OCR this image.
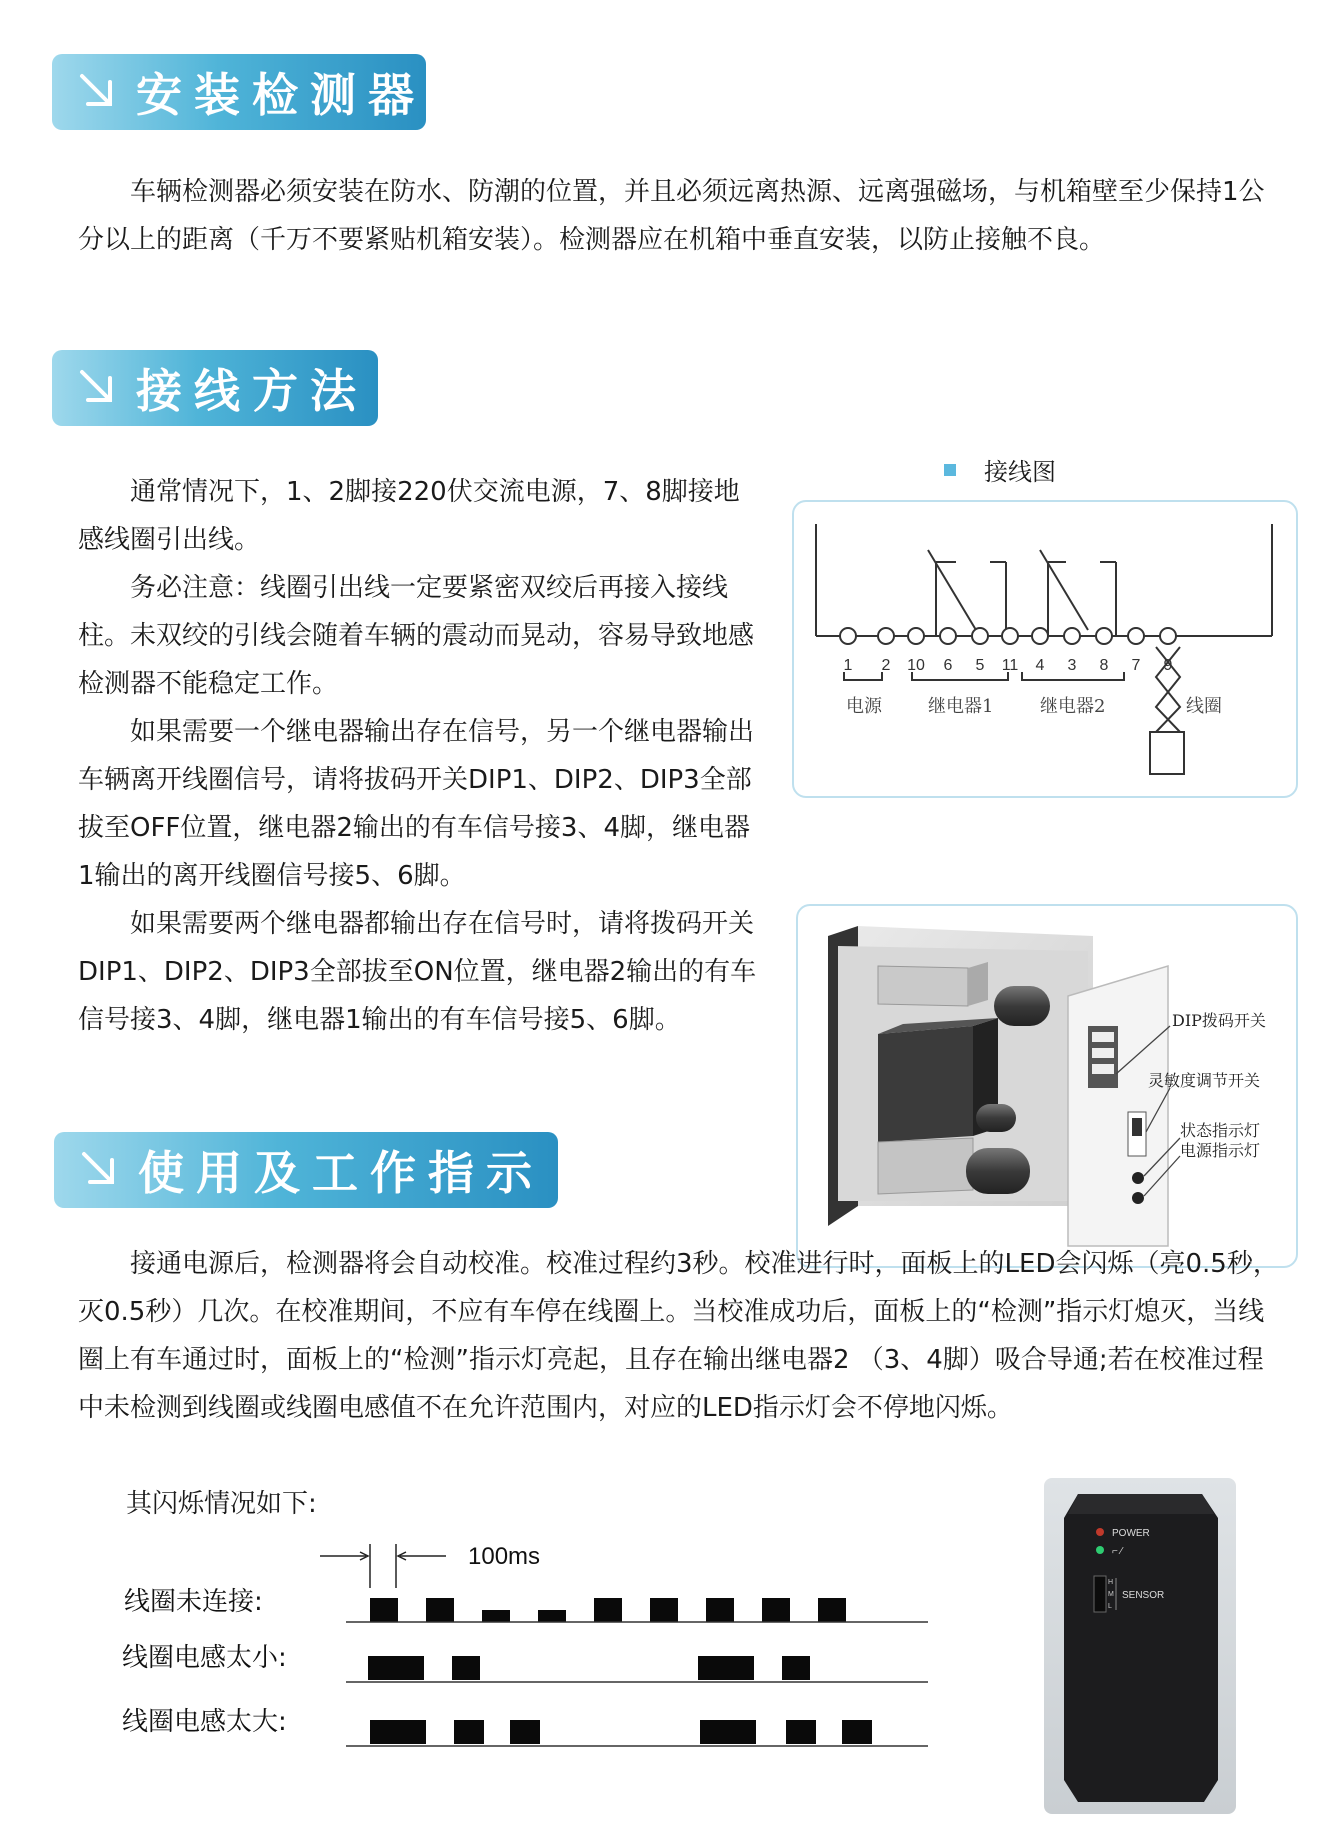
安装检测器

车辆检测器必须安装在防水、防潮的位置，并且必须远离热源、远离强磁场，与机箱壁至少保持1公分以上的距离（千万不要紧贴机箱安装）。检测器应在机箱中垂直安装，以防止接触不良。

接线方法

通常情况下，1、2脚接220伏交流电源，7、8脚接地感线圈引出线。

务必注意：线圈引出线一定要紧密双绞后再接入接线柱。未双绞的引线会随着车辆的震动而晃动，容易导致地感检测器不能稳定工作。

如果需要一个继电器输出存在信号，另一个继电器输出车辆离开线圈信号，请将拔码开关DIP1、DIP2、DIP3全部拔至OFF位置，继电器2输出的有车信号接3、4脚，继电器1输出的离开线圈信号接5、6脚。

如果需要两个继电器都输出存在信号时，请将拨码开关DIP1、DIP2、DIP3全部拔至ON位置，继电器2输出的有车信号接3、4脚，继电器1输出的有车信号接5、6脚。

接线图
1 2 10 6 5 11 4 3 8 7 9
电源	继电器1	继电器2	线圈
DIP拨码开关
灵敏度调节开关
状态指示灯
电源指示灯
使用及工作指示

接通电源后，检测器将会自动校准。校准过程约3秒。校准进行时，面板上的LED会闪烁（亮0.5秒，灭0.5秒）几次。在校准期间，不应有车停在线圈上。当校准成功后，面板上的“检测”指示灯熄灭，当线圈上有车通过时，面板上的“检测”指示灯亮起，且存在输出继电器2 （3、4脚）吸合导通;若在校准过程中未检测到线圈或线圈电感值不在允许范围内，对应的LED指示灯会不停地闪烁。

其闪烁情况如下:

100ms
线圈未连接:
线圈电感太小:
线圈电感太大:
POWER
⌐ ⁄
H
M
L
SENSOR
